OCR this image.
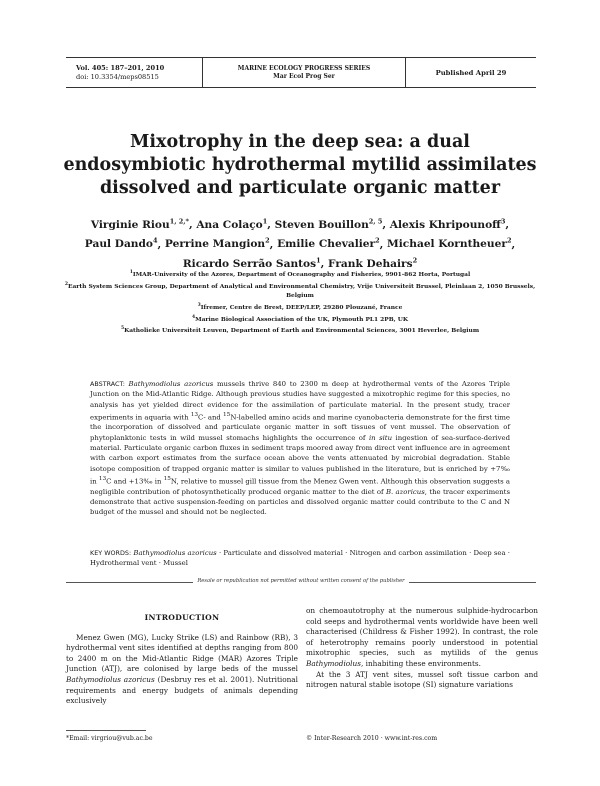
Vol. 405: 187–201, 2010
doi: 10.3354/meps08515
MARINE ECOLOGY PROGRESS SERIES
Mar Ecol Prog Ser	Published April 29
Mixotrophy in the deep sea: a dual endosymbiotic hydrothermal mytilid assimilates dissolved and particulate organic matter
Virginie Riou$^{1, 2,*}$, Ana Colaço$^1$, Steven Bouillon$^{2, 5}$, Alexis Khripounoff$^3$,
Paul Dando$^4$, Perrine Mangion$^2$, Emilie Chevalier$^2$, Michael Korntheuer$^2$,
Ricardo Serrão Santos$^1$, Frank Dehairs$^2$

$^1$IMAR-University of the Azores, Department of Oceanography and Fisheries, 9901-862 Horta, Portugal

$^2$Earth System Sciences Group, Department of Analytical and Environmental Chemistry, Vrije Universiteit Brussel, Pleinlaan 2, 1050 Brussels, Belgium

$^3$Ifremer, Centre de Brest, DEEP/LEP, 29280 Plouzané, France

$^4$Marine Biological Association of the UK, Plymouth PL1 2PB, UK

$^5$Katholieke Universiteit Leuven, Department of Earth and Environmental Sciences, 3001 Heverlee, Belgium

ABSTRACT: Bathymodiolus azoricus mussels thrive 840 to 2300 m deep at hydrothermal vents of the Azores Triple Junction on the Mid-Atlantic Ridge. Although previous studies have suggested a mixotrophic regime for this species, no analysis has yet yielded direct evidence for the assimilation of particulate material. In the present study, tracer experiments in aquaria with $^{13}$C- and $^{15}$N-labelled amino acids and marine cyanobacteria demonstrate for the first time the incorporation of dissolved and particulate organic matter in soft tissues of vent mussel. The observation of phytoplanktonic tests in wild mussel stomachs highlights the occurrence of in situ ingestion of sea-surface-derived material. Particulate organic carbon fluxes in sediment traps moored away from direct vent influence are in agreement with carbon export estimates from the surface ocean above the vents attenuated by microbial degradation. Stable isotope composition of trapped organic matter is similar to values published in the literature, but is enriched by +7‰ in $^{13}$C and +13‰ in $^{15}$N, relative to mussel gill tissue from the Menez Gwen vent. Although this observation suggests a negligible contribution of photosynthetically produced organic matter to the diet of B. azoricus, the tracer experiments demonstrate that active suspension-feeding on particles and dissolved organic matter could contribute to the C and N budget of the mussel and should not be neglected.

KEY WORDS: Bathymodiolus azoricus · Particulate and dissolved material · Nitrogen and carbon assimilation · Deep sea · Hydrothermal vent · Mussel

Resale or republication not permitted without written consent of the publisher
INTRODUCTION

Menez Gwen (MG), Lucky Strike (LS) and Rainbow (RB), 3 hydrothermal vent sites identified at depths ranging from 800 to 2400 m on the Mid-Atlantic Ridge (MAR) Azores Triple Junction (ATJ), are colonised by large beds of the mussel Bathymodiolus azoricus (Desbruy res et al. 2001). Nutritional requirements and energy budgets of animals depending exclusively

on chemoautotrophy at the numerous sulphide-hydrocarbon cold seeps and hydrothermal vents worldwide have been well characterised (Childress & Fisher 1992). In contrast, the role of heterotrophy remains poorly understood in potential mixotrophic species, such as mytilids of the genus Bathymodiolus, inhabiting these environments.

At the 3 ATJ vent sites, mussel soft tissue carbon and nitrogen natural stable isotope (SI) signature variations

*Email: virgriou@vub.ac.be	© Inter-Research 2010 · www.int-res.com
